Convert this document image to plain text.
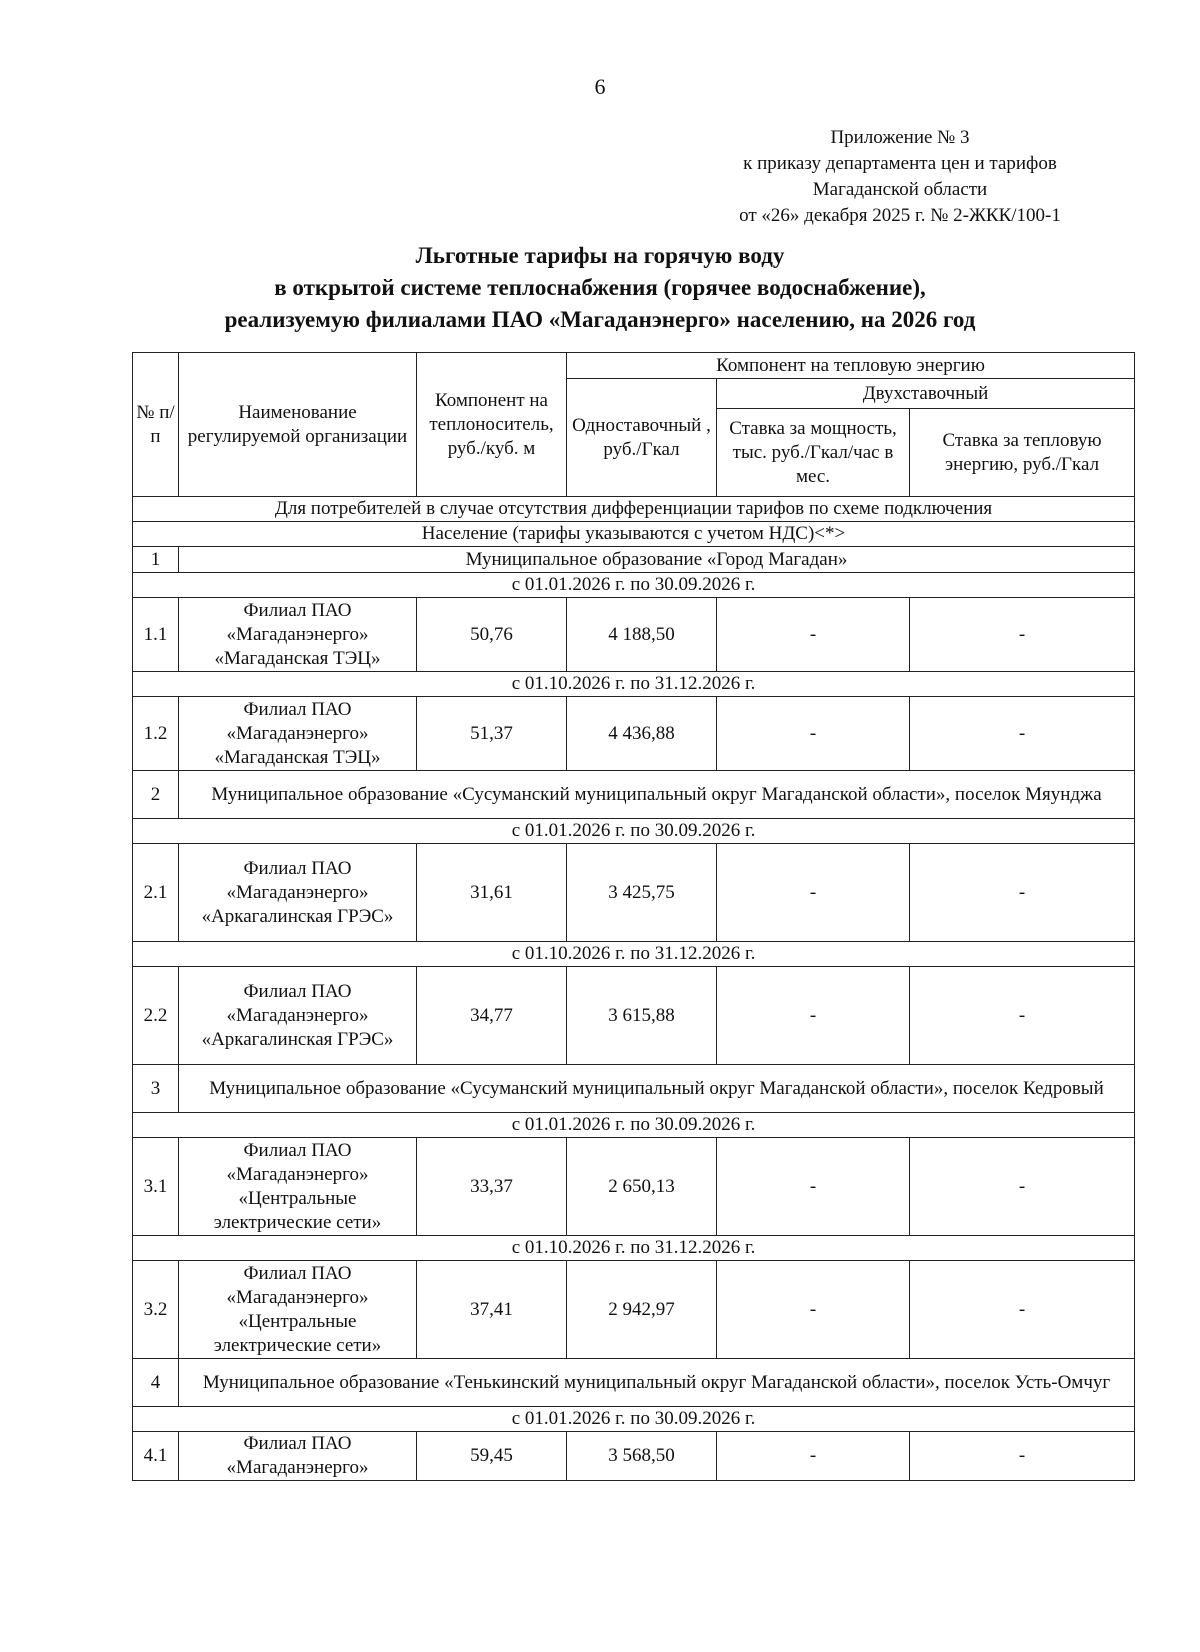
6
Приложение № 3
к приказу департамента цен и тарифов
Магаданской области
от «26» декабря 2025 г. № 2-ЖКК/100-1
Льготные тарифы на горячую воду
в открытой системе теплоснабжения (горячее водоснабжение),
реализуемую филиалами ПАО «Магаданэнерго» населению, на 2026 год
№ п/п	Наименование регулируемой организации	Компонент на теплоноситель, руб./куб. м	Компонент на тепловую энергию		
			Одноставочный , руб./Гкал	Двухставочный	
				Ставка за мощность, тыс. руб./Гкал/час в мес.	Ставка за тепловую энергию, руб./Гкал
Для потребителей в случае отсутствия дифференциации тарифов по схеме подключения					
Население (тарифы указываются с учетом НДС)<*>					
1	Муниципальное образование «Город Магадан»				
с 01.01.2026 г. по 30.09.2026 г.					
1.1	Филиал ПАО «Магаданэнерго» «Магаданская ТЭЦ»	50,76	4 188,50	-	-
с 01.10.2026 г. по 31.12.2026 г.					
1.2	Филиал ПАО «Магаданэнерго» «Магаданская ТЭЦ»	51,37	4 436,88	-	-
2	Муниципальное образование «Сусуманский муниципальный округ Магаданской области», поселок Мяунджа				
с 01.01.2026 г. по 30.09.2026 г.					
2.1	Филиал ПАО «Магаданэнерго» «Аркагалинская ГРЭС»	31,61	3 425,75	-	-
с 01.10.2026 г. по 31.12.2026 г.					
2.2	Филиал ПАО «Магаданэнерго» «Аркагалинская ГРЭС»	34,77	3 615,88	-	-
3	Муниципальное образование «Сусуманский муниципальный округ Магаданской области», поселок Кедровый				
с 01.01.2026 г. по 30.09.2026 г.					
3.1	Филиал ПАО «Магаданэнерго» «Центральные электрические сети»	33,37	2 650,13	-	-
с 01.10.2026 г. по 31.12.2026 г.					
3.2	Филиал ПАО «Магаданэнерго» «Центральные электрические сети»	37,41	2 942,97	-	-
4	Муниципальное образование «Тенькинский муниципальный округ Магаданской области», поселок Усть-Омчуг				
с 01.01.2026 г. по 30.09.2026 г.					
4.1	Филиал ПАО «Магаданэнерго»	59,45	3 568,50	-	-
